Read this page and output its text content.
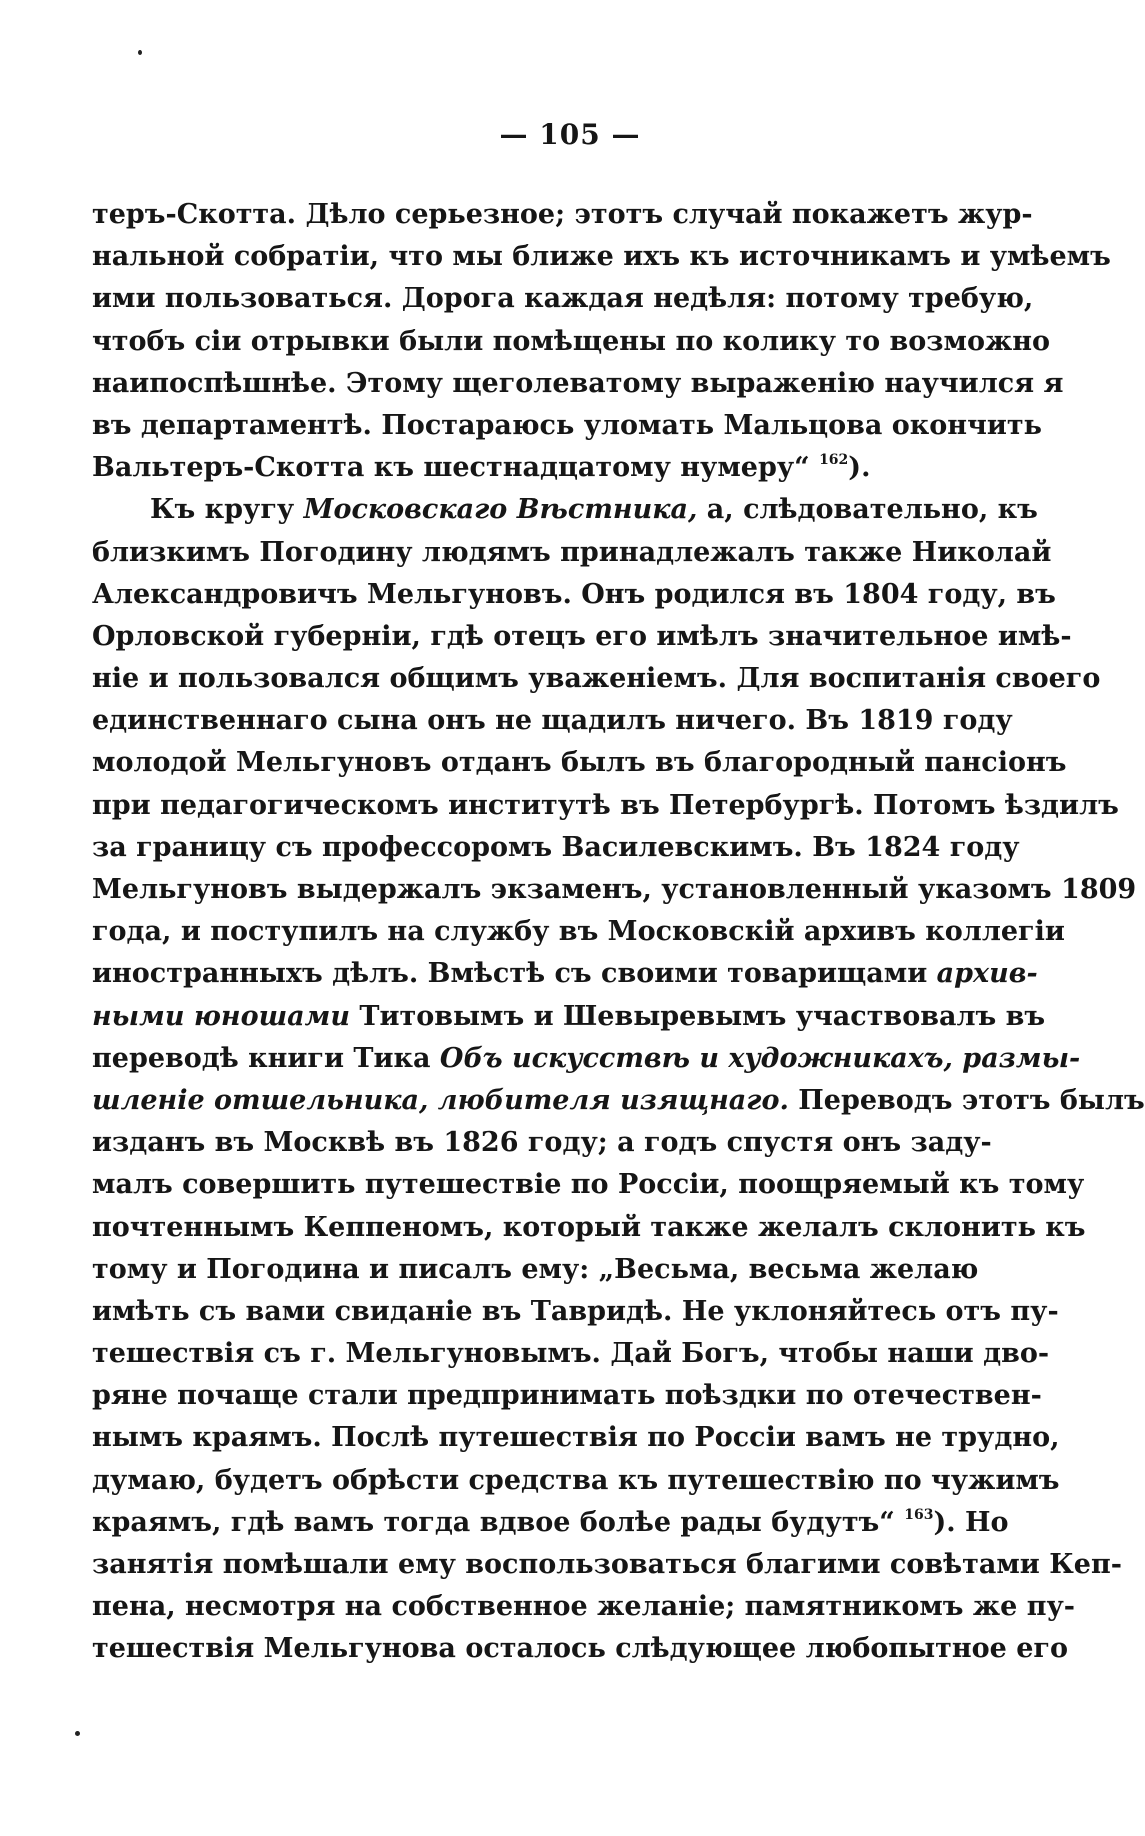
— 105 —
теръ-Скотта. Дѣло серьезное; этотъ случай покажетъ жур-
нальной собратіи, что мы ближе ихъ къ источникамъ и умѣемъ
ими пользоваться. Дорога каждая недѣля: потому требую,
чтобъ сіи отрывки были помѣщены по колику то возможно
наипоспѣшнѣе. Этому щеголеватому выраженію научился я
въ департаментѣ. Постараюсь уломать Мальцова окончить
Вальтеръ-Скотта къ шестнадцатому нумеру“ $^{162}$).
Къ кругу Московскаго Вѣстника, а, слѣдовательно, къ
близкимъ Погодину людямъ принадлежалъ также Николай
Александровичъ Мельгуновъ. Онъ родился въ 1804 году, въ
Орловской губерніи, гдѣ отецъ его имѣлъ значительное имѣ-
ніе и пользовался общимъ уваженіемъ. Для воспитанія своего
единственнаго сына онъ не щадилъ ничего. Въ 1819 году
молодой Мельгуновъ отданъ былъ въ благородный пансіонъ
при педагогическомъ институтѣ въ Петербургѣ. Потомъ ѣздилъ
за границу съ профессоромъ Василевскимъ. Въ 1824 году
Мельгуновъ выдержалъ экзаменъ, установленный указомъ 1809
года, и поступилъ на службу въ Московскій архивъ коллегіи
иностранныхъ дѣлъ. Вмѣстѣ съ своими товарищами архив-
ными юношами Титовымъ и Шевыревымъ участвовалъ въ
переводѣ книги Тика Объ искусствѣ и художникахъ, размы-
шленіе отшельника, любителя изящнаго. Переводъ этотъ былъ
изданъ въ Москвѣ въ 1826 году; а годъ спустя онъ заду-
малъ совершить путешествіе по Россіи, поощряемый къ тому
почтеннымъ Кеппеномъ, который также желалъ склонить къ
тому и Погодина и писалъ ему: „Весьма, весьма желаю
имѣть съ вами свиданіе въ Тавридѣ. Не уклоняйтесь отъ пу-
тешествія съ г. Мельгуновымъ. Дай Богъ, чтобы наши дво-
ряне почаще стали предпринимать поѣздки по отечествен-
нымъ краямъ. Послѣ путешествія по Россіи вамъ не трудно,
думаю, будетъ обрѣсти средства къ путешествію по чужимъ
краямъ, гдѣ вамъ тогда вдвое болѣе рады будутъ“ $^{163}$). Но
занятія помѣшали ему воспользоваться благими совѣтами Кеп-
пена, несмотря на собственное желаніе; памятникомъ же пу-
тешествія Мельгунова осталось слѣдующее любопытное его
